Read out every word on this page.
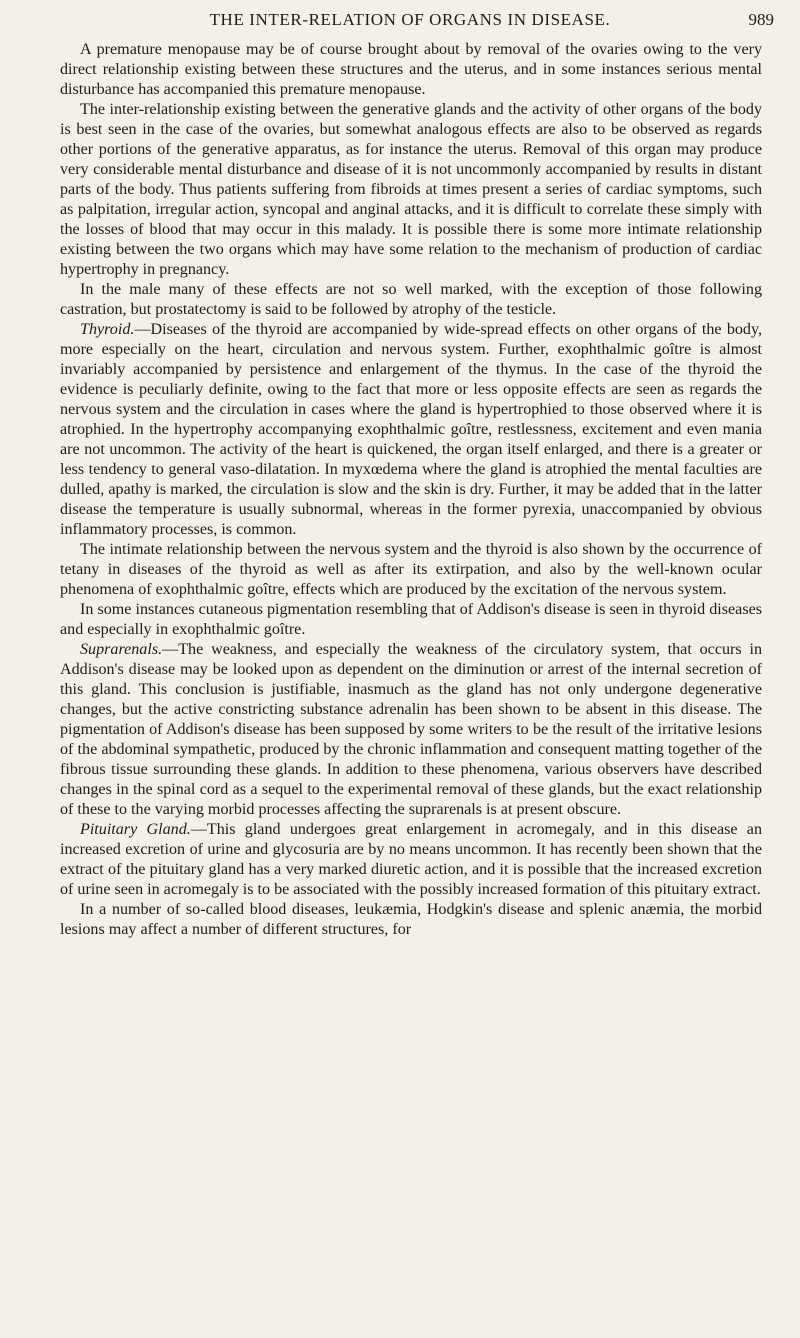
THE INTER-RELATION OF ORGANS IN DISEASE.	989

A premature menopause may be of course brought about by removal of the ovaries owing to the very direct relationship existing between these structures and the uterus, and in some instances serious mental disturbance has accompanied this premature menopause.

The inter-relationship existing between the generative glands and the activity of other organs of the body is best seen in the case of the ovaries, but somewhat analogous effects are also to be observed as regards other portions of the generative apparatus, as for instance the uterus. Removal of this organ may produce very considerable mental disturbance and disease of it is not uncommonly accompanied by results in distant parts of the body. Thus patients suffering from fibroids at times present a series of cardiac symptoms, such as palpitation, irregular action, syncopal and anginal attacks, and it is difficult to correlate these simply with the losses of blood that may occur in this malady. It is possible there is some more intimate relationship existing between the two organs which may have some relation to the mechanism of production of cardiac hypertrophy in pregnancy.

In the male many of these effects are not so well marked, with the exception of those following castration, but prostatectomy is said to be followed by atrophy of the testicle.

Thyroid.—Diseases of the thyroid are accompanied by wide-spread effects on other organs of the body, more especially on the heart, circulation and nervous system. Further, exophthalmic goître is almost invariably accompanied by persistence and enlargement of the thymus. In the case of the thyroid the evidence is peculiarly definite, owing to the fact that more or less opposite effects are seen as regards the nervous system and the circulation in cases where the gland is hypertrophied to those observed where it is atrophied. In the hypertrophy accompanying exophthalmic goître, restlessness, excitement and even mania are not uncommon. The activity of the heart is quickened, the organ itself enlarged, and there is a greater or less tendency to general vaso-dilatation. In myxœdema where the gland is atrophied the mental faculties are dulled, apathy is marked, the circulation is slow and the skin is dry. Further, it may be added that in the latter disease the temperature is usually subnormal, whereas in the former pyrexia, unaccompanied by obvious inflammatory processes, is common.

The intimate relationship between the nervous system and the thyroid is also shown by the occurrence of tetany in diseases of the thyroid as well as after its extirpation, and also by the well-known ocular phenomena of exophthalmic goître, effects which are produced by the excitation of the nervous system.

In some instances cutaneous pigmentation resembling that of Addison's disease is seen in thyroid diseases and especially in exophthalmic goître.

Suprarenals.—The weakness, and especially the weakness of the circulatory system, that occurs in Addison's disease may be looked upon as dependent on the diminution or arrest of the internal secretion of this gland. This conclusion is justifiable, inasmuch as the gland has not only undergone degenerative changes, but the active constricting substance adrenalin has been shown to be absent in this disease. The pigmentation of Addison's disease has been supposed by some writers to be the result of the irritative lesions of the abdominal sympathetic, produced by the chronic inflammation and consequent matting together of the fibrous tissue surrounding these glands. In addition to these phenomena, various observers have described changes in the spinal cord as a sequel to the experimental removal of these glands, but the exact relationship of these to the varying morbid processes affecting the suprarenals is at present obscure.

Pituitary Gland.—This gland undergoes great enlargement in acromegaly, and in this disease an increased excretion of urine and glycosuria are by no means uncommon. It has recently been shown that the extract of the pituitary gland has a very marked diuretic action, and it is possible that the increased excretion of urine seen in acromegaly is to be associated with the possibly increased formation of this pituitary extract.

In a number of so-called blood diseases, leukæmia, Hodgkin's disease and splenic anæmia, the morbid lesions may affect a number of different structures, for
